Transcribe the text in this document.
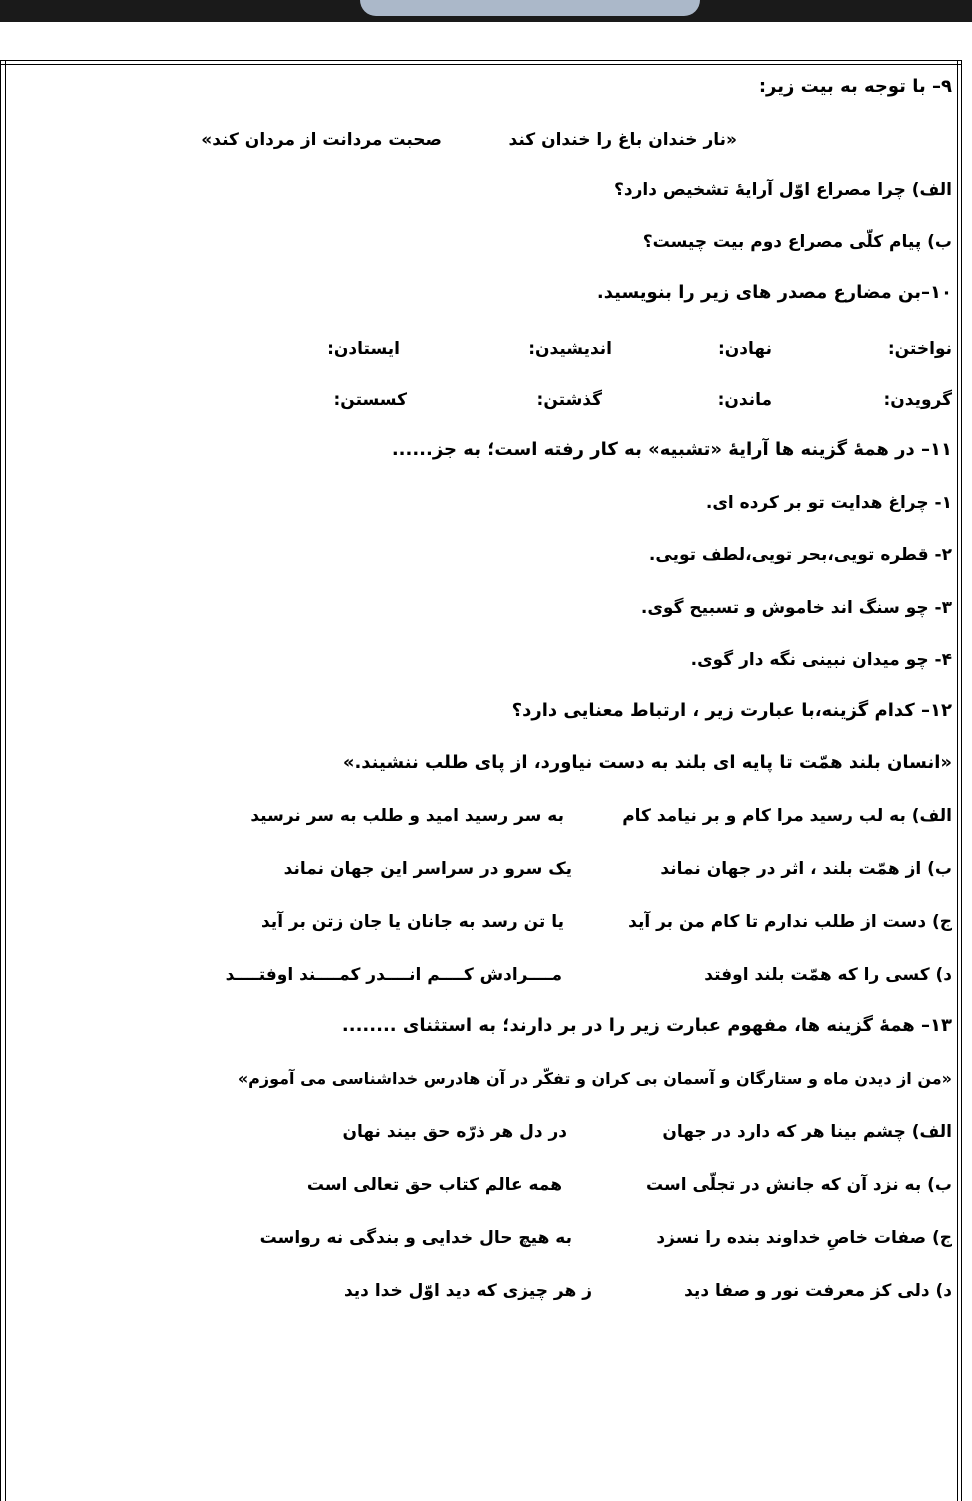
۹– با توجه به بیت زیر:
«نار خندان باغ را خندان کند
صحبت مردانت از مردان کند»
الف) چرا مصراع اوّل آرایۀ تشخیص دارد؟
ب) پیام کلّی مصراع دوم بیت چیست؟
۱۰–بن مضارع مصدر های زیر را بنویسید.
نواختن:
نهادن:
اندیشیدن:
ایستادن:
گرویدن:
ماندن:
گذشتن:
کسستن:
۱۱– در همۀ گزینه ها آرایۀ «تشبیه» به کار رفته است؛ به جز......
۱- چراغ هدایت تو بر کرده ای.
۲- قطره تویی،بحر تویی،لطف تویی.
۳- چو سنگ اند خاموش و تسبیح گوی.
۴- چو میدان نبینی نگه دار گوی.
۱۲– کدام گزینه،با عبارت زیر ، ارتباط معنایی دارد؟
«انسان بلند همّت تا پایه ای بلند به دست نیاورد، از پای طلب ننشیند.»
الف) به لب رسید مرا کام و بر نیامد کام
به سر رسید امید و طلب به سر نرسید
ب) از همّت بلند ، اثر در جهان نماند
یک سرو در سراسر این جهان نماند
ج) دست از طلب ندارم تا کام من بر آید
یا تن رسد به جانان یا جان زتن بر آید
د) کسی را که همّت بلند اوفتد
مــــرادش کــــم انــــدر کمــــند اوفتــــد
۱۳– همۀ گزینه ها، مفهوم عبارت زیر را در بر دارند؛ به استثنای ........
«من از دیدن ماه و ستارگان و آسمان بی کران و تفکّر در آن هادرس خداشناسی می آموزم»
الف) چشم بینا هر که دارد در جهان
در دل هر ذرّه حق بیند نهان
ب) به نزد آن که جانش در تجلّی است
همه عالم کتاب حق تعالی است
ج) صفات خاصِ خداوند بنده را نسزد
به هیچ حال خدایی و بندگی نه رواست
د) دلی کز معرفت نور و صفا دید
ز هر چیزی که دید اوّل خدا دید
